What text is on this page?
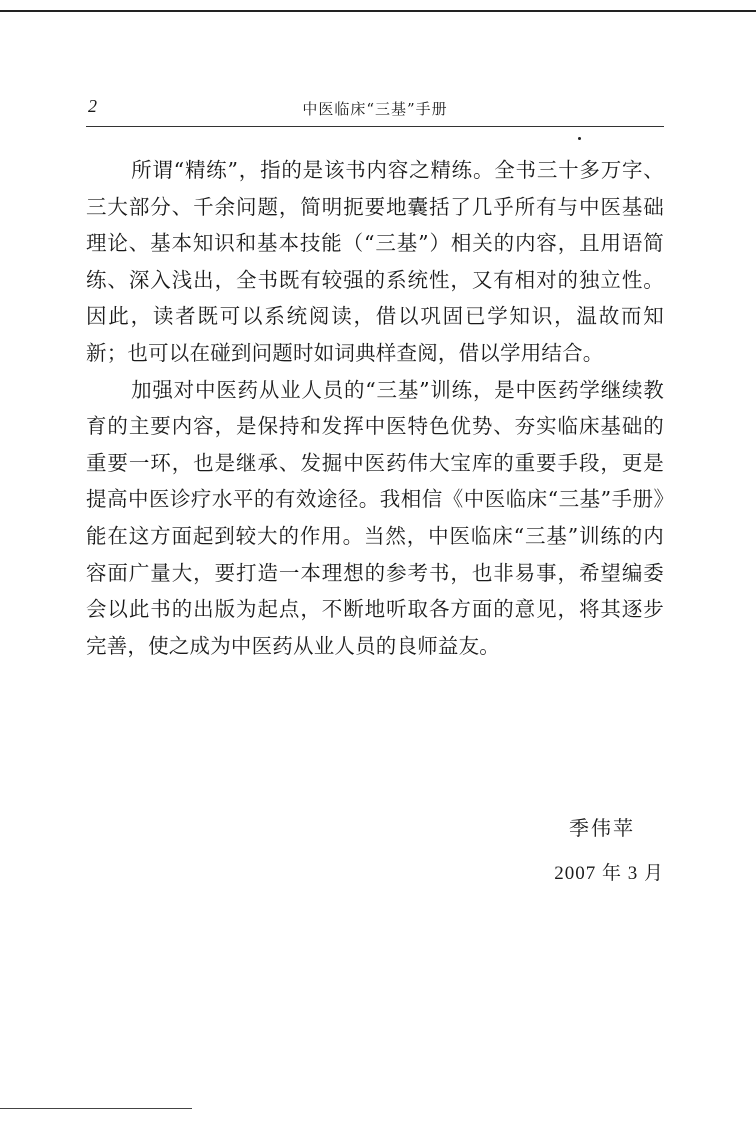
2	中医临床“三基”手册

所谓“精练”，指的是该书内容之精练。全书三十多万字、三大部分、千余问题，简明扼要地囊括了几乎所有与中医基础理论、基本知识和基本技能（“三基”）相关的内容，且用语简练、深入浅出，全书既有较强的系统性，又有相对的独立性。因此，读者既可以系统阅读，借以巩固已学知识，温故而知新；也可以在碰到问题时如词典样查阅，借以学用结合。

加强对中医药从业人员的“三基”训练，是中医药学继续教育的主要内容，是保持和发挥中医特色优势、夯实临床基础的重要一环，也是继承、发掘中医药伟大宝库的重要手段，更是提高中医诊疗水平的有效途径。我相信《中医临床“三基”手册》能在这方面起到较大的作用。当然，中医临床“三基”训练的内容面广量大，要打造一本理想的参考书，也非易事，希望编委会以此书的出版为起点，不断地听取各方面的意见，将其逐步完善，使之成为中医药从业人员的良师益友。

季伟苹
2007 年 3 月
